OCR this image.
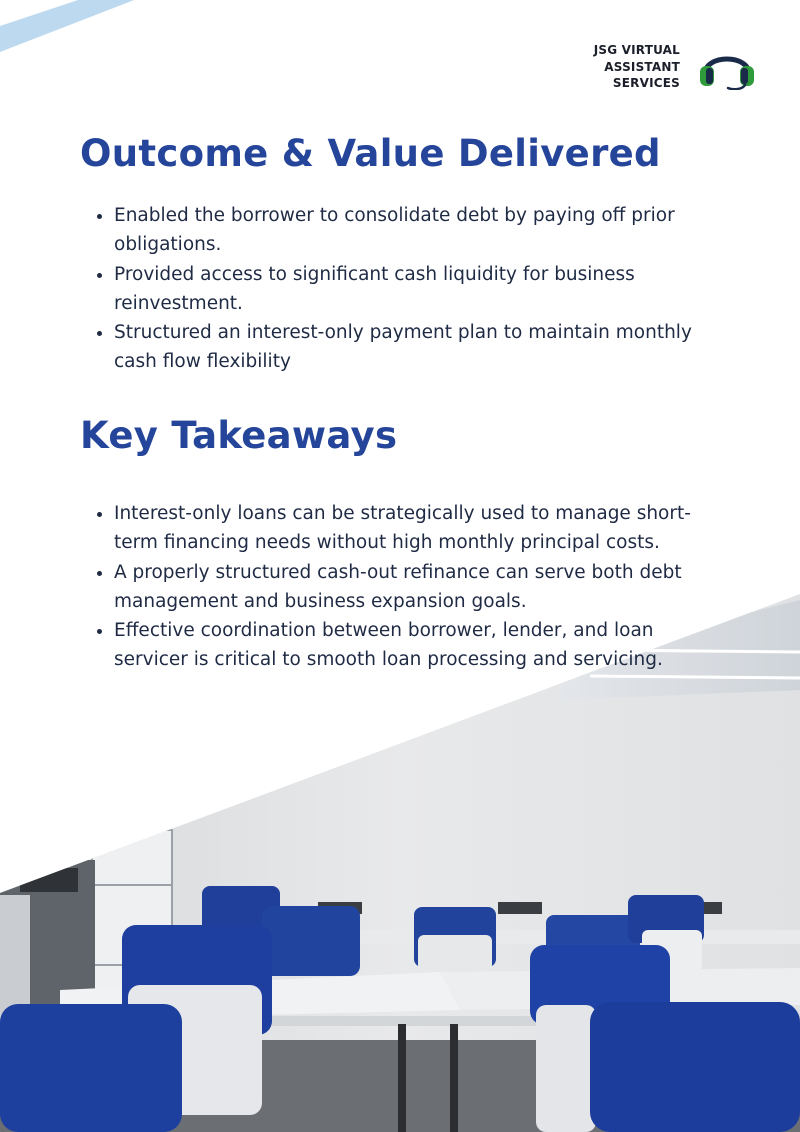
JSG VIRTUAL
ASSISTANT
SERVICES
Outcome & Value Delivered
• Enabled the borrower to consolidate debt by paying off prior obligations.
• Provided access to significant cash liquidity for business reinvestment.
• Structured an interest-only payment plan to maintain monthly cash flow flexibility
Key Takeaways
• Interest-only loans can be strategically used to manage short-term financing needs without high monthly principal costs.
• A properly structured cash-out refinance can serve both debt management and business expansion goals.
• Effective coordination between borrower, lender, and loan servicer is critical to smooth loan processing and servicing.
